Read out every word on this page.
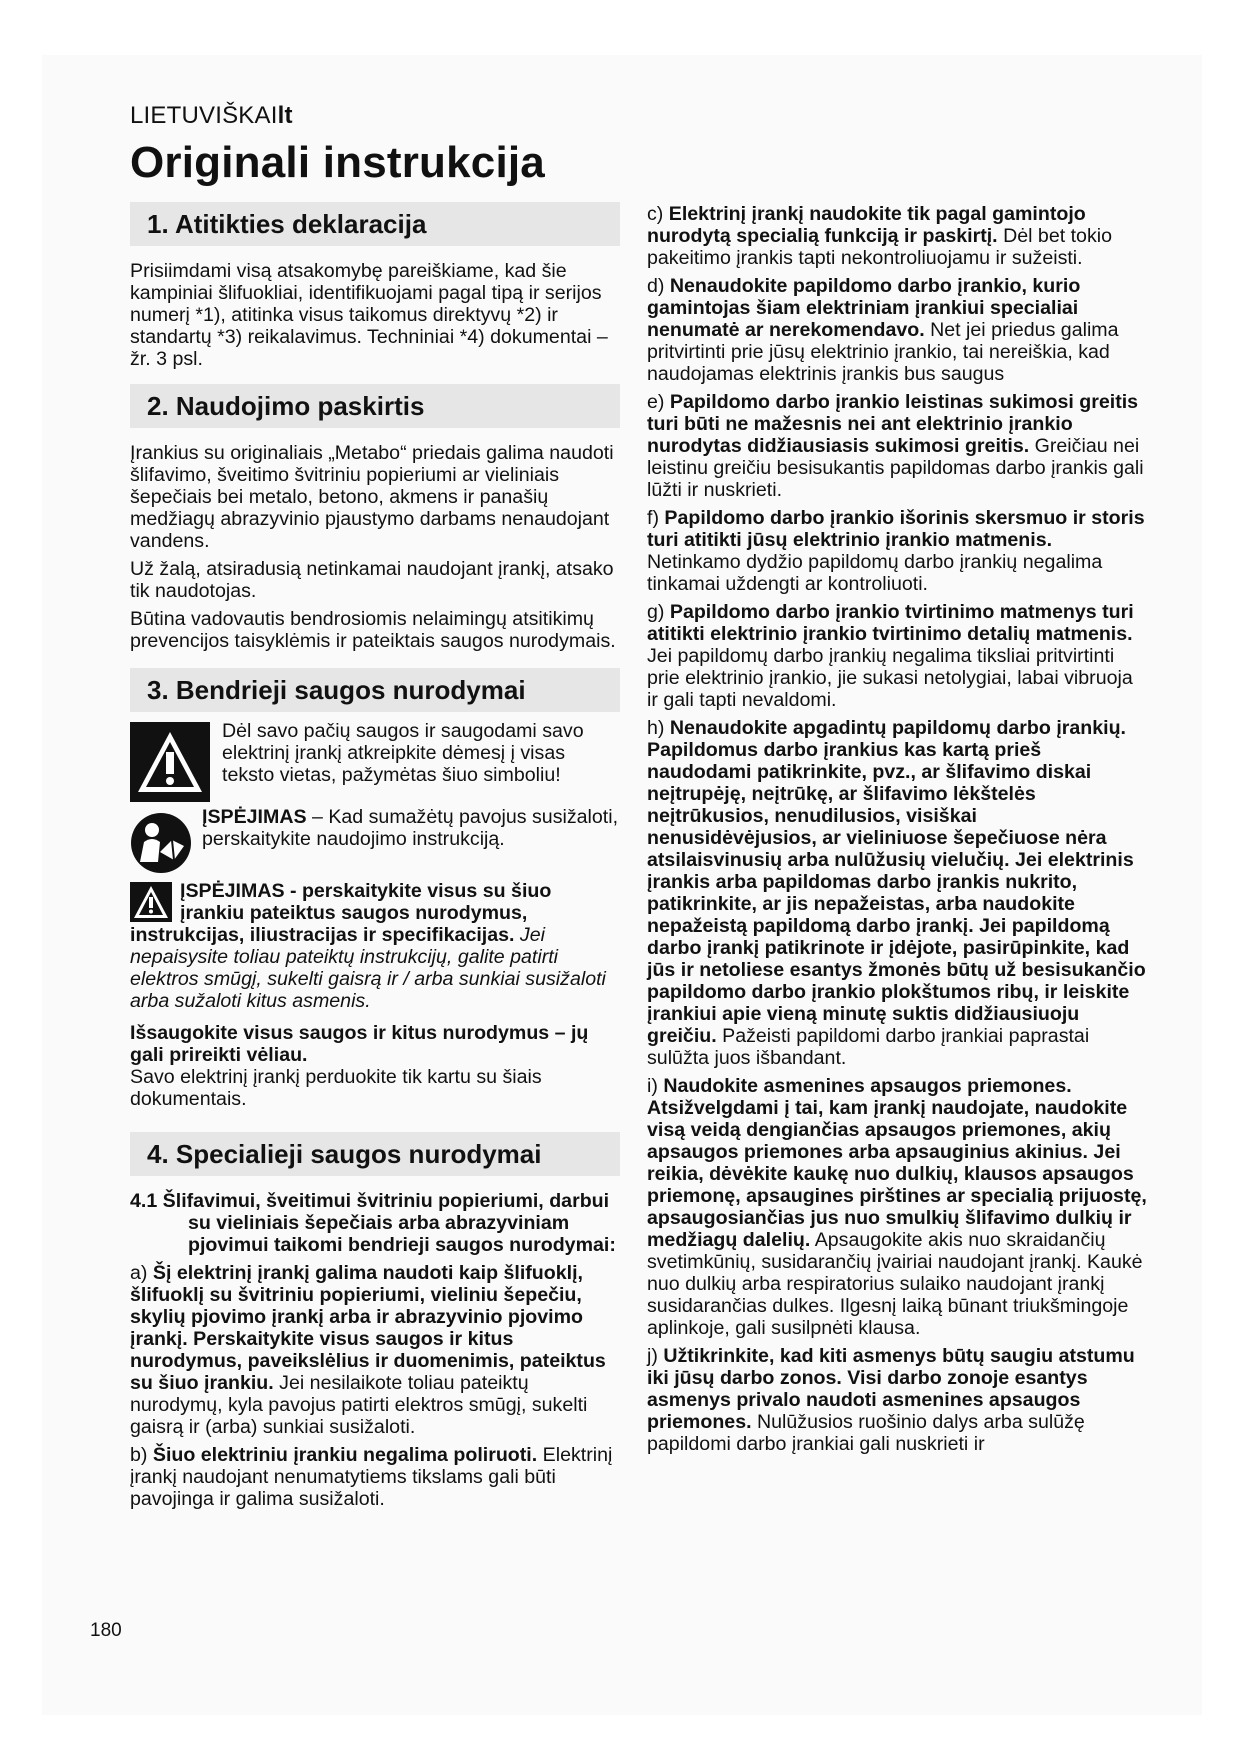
LIETUVIŠKAIlt
Originali instrukcija
1. Atitikties deklaracija

Prisiimdami visą atsakomybę pareiškiame, kad šie kampiniai šlifuokliai, identifikuojami pagal tipą ir serijos numerį *1), atitinka visus taikomus direktyvų *2) ir standartų *3) reikalavimus. Techniniai *4) dokumentai – žr. 3 psl.

2. Naudojimo paskirtis

Įrankius su originaliais „Metabo“ priedais galima naudoti šlifavimo, šveitimo švitriniu popieriumi ar vieliniais šepečiais bei metalo, betono, akmens ir panašių medžiagų abrazyvinio pjaustymo darbams nenaudojant vandens.

Už žalą, atsiradusią netinkamai naudojant įrankį, atsako tik naudotojas.

Būtina vadovautis bendrosiomis nelaimingų atsitikimų prevencijos taisyklėmis ir pateiktais saugos nurodymais.

3. Bendrieji saugos nurodymai

Dėl savo pačių saugos ir saugodami savo elektrinį įrankį atkreipkite dėmesį į visas teksto vietas, pažymėtas šiuo simboliu!

ĮSPĖJIMAS – Kad sumažėtų pavojus susižaloti, perskaitykite naudojimo instrukciją.

ĮSPĖJIMAS - perskaitykite visus su šiuo įrankiu pateiktus saugos nurodymus, instrukcijas, iliustracijas ir specifikacijas. Jei nepaisysite toliau pateiktų instrukcijų, galite patirti elektros smūgį, sukelti gaisrą ir / arba sunkiai susižaloti arba sužaloti kitus asmenis.

Išsaugokite visus saugos ir kitus nurodymus – jų gali prireikti vėliau.
Savo elektrinį įrankį perduokite tik kartu su šiais dokumentais.

4. Specialieji saugos nurodymai

4.1 Šlifavimui, šveitimui švitriniu popieriumi, darbui su vieliniais šepečiais arba abrazyviniam pjovimui taikomi bendrieji saugos nurodymai:

a) Šį elektrinį įrankį galima naudoti kaip šlifuoklį, šlifuoklį su švitriniu popieriumi, vieliniu šepečiu, skylių pjovimo įrankį arba ir abrazyvinio pjovimo įrankį. Perskaitykite visus saugos ir kitus nurodymus, paveikslėlius ir duomenimis, pateiktus su šiuo įrankiu. Jei nesilaikote toliau pateiktų nurodymų, kyla pavojus patirti elektros smūgį, sukelti gaisrą ir (arba) sunkiai susižaloti.

b) Šiuo elektriniu įrankiu negalima poliruoti. Elektrinį įrankį naudojant nenumatytiems tikslams gali būti pavojinga ir galima susižaloti.

c) Elektrinį įrankį naudokite tik pagal gamintojo nurodytą specialią funkciją ir paskirtį. Dėl bet tokio pakeitimo įrankis tapti nekontroliuojamu ir sužeisti.

d) Nenaudokite papildomo darbo įrankio, kurio gamintojas šiam elektriniam įrankiui specialiai nenumatė ar nerekomendavo. Net jei priedus galima pritvirtinti prie jūsų elektrinio įrankio, tai nereiškia, kad naudojamas elektrinis įrankis bus saugus

e) Papildomo darbo įrankio leistinas sukimosi greitis turi būti ne mažesnis nei ant elektrinio įrankio nurodytas didžiausiasis sukimosi greitis. Greičiau nei leistinu greičiu besisukantis papildomas darbo įrankis gali lūžti ir nuskrieti.

f) Papildomo darbo įrankio išorinis skersmuo ir storis turi atitikti jūsų elektrinio įrankio matmenis. Netinkamo dydžio papildomų darbo įrankių negalima tinkamai uždengti ar kontroliuoti.

g) Papildomo darbo įrankio tvirtinimo matmenys turi atitikti elektrinio įrankio tvirtinimo detalių matmenis. Jei papildomų darbo įrankių negalima tiksliai pritvirtinti prie elektrinio įrankio, jie sukasi netolygiai, labai vibruoja ir gali tapti nevaldomi.

h) Nenaudokite apgadintų papildomų darbo įrankių. Papildomus darbo įrankius kas kartą prieš naudodami patikrinkite, pvz., ar šlifavimo diskai neįtrupėję, neįtrūkę, ar šlifavimo lėkštelės neįtrūkusios, nenudilusios, visiškai nenusidėvėjusios, ar vieliniuose šepečiuose nėra atsilaisvinusių arba nulūžusių vielučių. Jei elektrinis įrankis arba papildomas darbo įrankis nukrito, patikrinkite, ar jis nepažeistas, arba naudokite nepažeistą papildomą darbo įrankį. Jei papildomą darbo įrankį patikrinote ir įdėjote, pasirūpinkite, kad jūs ir netoliese esantys žmonės būtų už besisukančio papildomo darbo įrankio plokštumos ribų, ir leiskite įrankiui apie vieną minutę suktis didžiausiuoju greičiu. Pažeisti papildomi darbo įrankiai paprastai sulūžta juos išbandant.

i) Naudokite asmenines apsaugos priemones. Atsižvelgdami į tai, kam įrankį naudojate, naudokite visą veidą dengiančias apsaugos priemones, akių apsaugos priemones arba apsauginius akinius. Jei reikia, dėvėkite kaukę nuo dulkių, klausos apsaugos priemonę, apsaugines pirštines ar specialią prijuostę, apsaugosiančias jus nuo smulkių šlifavimo dulkių ir medžiagų dalelių. Apsaugokite akis nuo skraidančių svetimkūnių, susidarančių įvairiai naudojant įrankį. Kaukė nuo dulkių arba respiratorius sulaiko naudojant įrankį susidarančias dulkes. Ilgesnį laiką būnant triukšmingoje aplinkoje, gali susilpnėti klausa.

j) Užtikrinkite, kad kiti asmenys būtų saugiu atstumu iki jūsų darbo zonos. Visi darbo zonoje esantys asmenys privalo naudoti asmenines apsaugos priemones. Nulūžusios ruošinio dalys arba sulūžę papildomi darbo įrankiai gali nuskrieti ir

180
